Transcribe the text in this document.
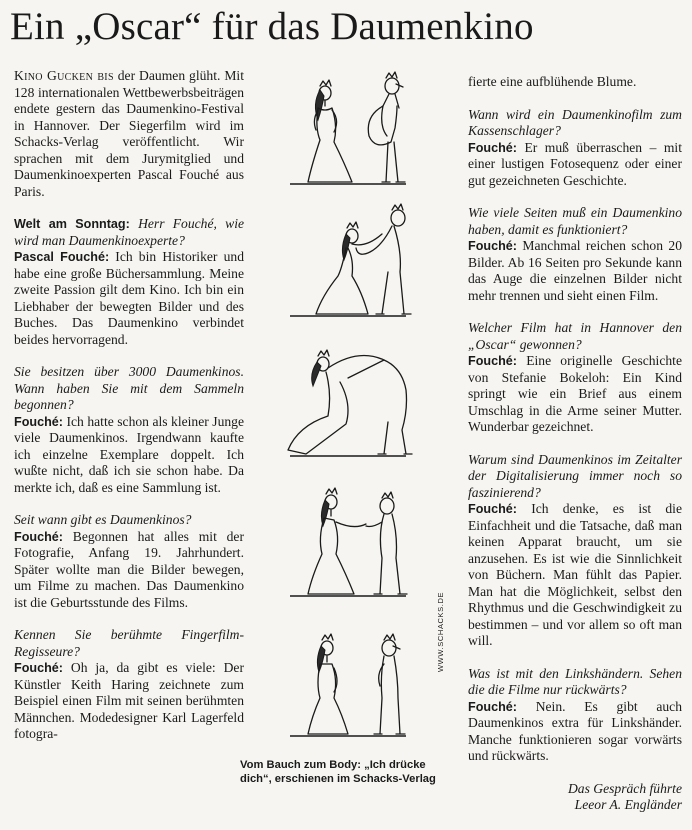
Ein „Oscar“ für das Daumenkino

Kino Gucken bis der Daumen glüht. Mit 128 internationalen Wettbewerbsbeiträgen endete gestern das Daumenkino-Festival in Hannover. Der Siegerfilm wird im Schacks-Verlag veröffentlicht. Wir sprachen mit dem Jurymitglied und Daumenkinoexperten Pascal Fouché aus Paris.

Welt am Sonntag: Herr Fouché, wie wird man Daumenkinoexperte?
Pascal Fouché: Ich bin Historiker und habe eine große Büchersammlung. Meine zweite Passion gilt dem Kino. Ich bin ein Liebhaber der bewegten Bilder und des Buches. Das Daumenkino verbindet beides hervorragend.

Sie besitzen über 3000 Daumenkinos. Wann haben Sie mit dem Sammeln begonnen?
Fouché: Ich hatte schon als kleiner Junge viele Daumenkinos. Irgendwann kaufte ich einzelne Exemplare doppelt. Ich wußte nicht, daß ich sie schon habe. Da merkte ich, daß es eine Sammlung ist.

Seit wann gibt es Daumenkinos?
Fouché: Begonnen hat alles mit der Fotografie, Anfang 19. Jahrhundert. Später wollte man die Bilder bewegen, um Filme zu machen. Das Daumenkino ist die Geburtsstunde des Films.

Kennen Sie berühmte Fingerfilm-Regisseure?
Fouché: Oh ja, da gibt es viele: Der Künstler Keith Haring zeichnete zum Beispiel einen Film mit seinen berühmten Männchen. Modedesigner Karl Lagerfeld fotogra-

WWW.SCHACKS.DE
Vom Bauch zum Body: „Ich drücke dich“, erschienen im Schacks-Verlag

fierte eine aufblühende Blume.

Wann wird ein Daumenkinofilm zum Kassenschlager?
Fouché: Er muß überraschen – mit einer lustigen Fotosequenz oder einer gut gezeichneten Geschichte.

Wie viele Seiten muß ein Daumenkino haben, damit es funktioniert?
Fouché: Manchmal reichen schon 20 Bilder. Ab 16 Seiten pro Sekunde kann das Auge die einzelnen Bilder nicht mehr trennen und sieht einen Film.

Welcher Film hat in Hannover den „Oscar“ gewonnen?
Fouché: Eine originelle Geschichte von Stefanie Bokeloh: Ein Kind springt wie ein Brief aus einem Umschlag in die Arme seiner Mutter. Wunderbar gezeichnet.

Warum sind Daumenkinos im Zeitalter der Digitalisierung immer noch so faszinierend?
Fouché: Ich denke, es ist die Einfachheit und die Tatsache, daß man keinen Apparat braucht, um sie anzusehen. Es ist wie die Sinnlichkeit von Büchern. Man fühlt das Papier. Man hat die Möglichkeit, selbst den Rhythmus und die Geschwindigkeit zu bestimmen – und vor allem so oft man will.

Was ist mit den Linkshändern. Sehen die die Filme nur rückwärts?
Fouché: Nein. Es gibt auch Daumenkinos extra für Linkshänder. Manche funktionieren sogar vorwärts und rückwärts.

Das Gespräch führte
Leeor A. Engländer
